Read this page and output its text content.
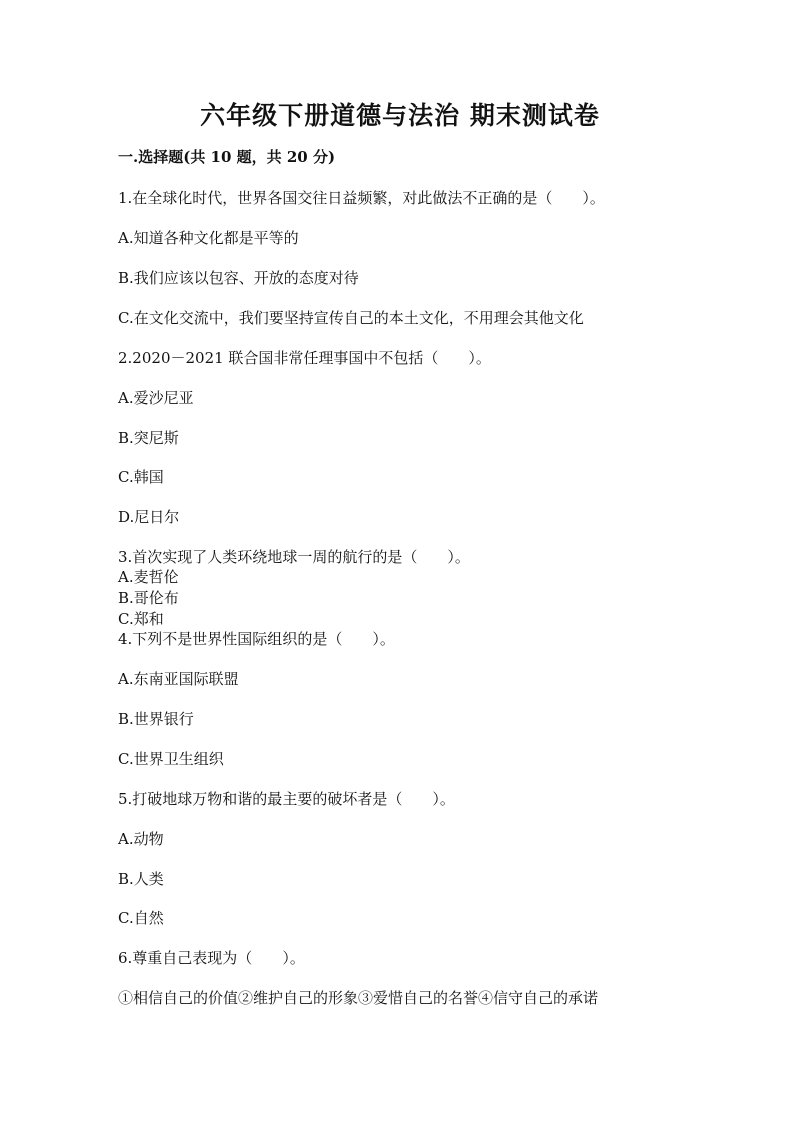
六年级下册道德与法治 期末测试卷
一.选择题(共 10 题，共 20 分)
1.在全球化时代，世界各国交往日益频繁，对此做法不正确的是（　　）。
A.知道各种文化都是平等的
B.我们应该以包容、开放的态度对待
C.在文化交流中，我们要坚持宣传自己的本土文化，不用理会其他文化
2.2020－2021 联合国非常任理事国中不包括（　　）。
A.爱沙尼亚
B.突尼斯
C.韩国
D.尼日尔
3.首次实现了人类环绕地球一周的航行的是（　　）。
A.麦哲伦
B.哥伦布
C.郑和
4.下列不是世界性国际组织的是（　　）。
A.东南亚国际联盟
B.世界银行
C.世界卫生组织
5.打破地球万物和谐的最主要的破坏者是（　　）。
A.动物
B.人类
C.自然
6.尊重自己表现为（　　）。
①相信自己的价值②维护自己的形象③爱惜自己的名誉④信守自己的承诺
